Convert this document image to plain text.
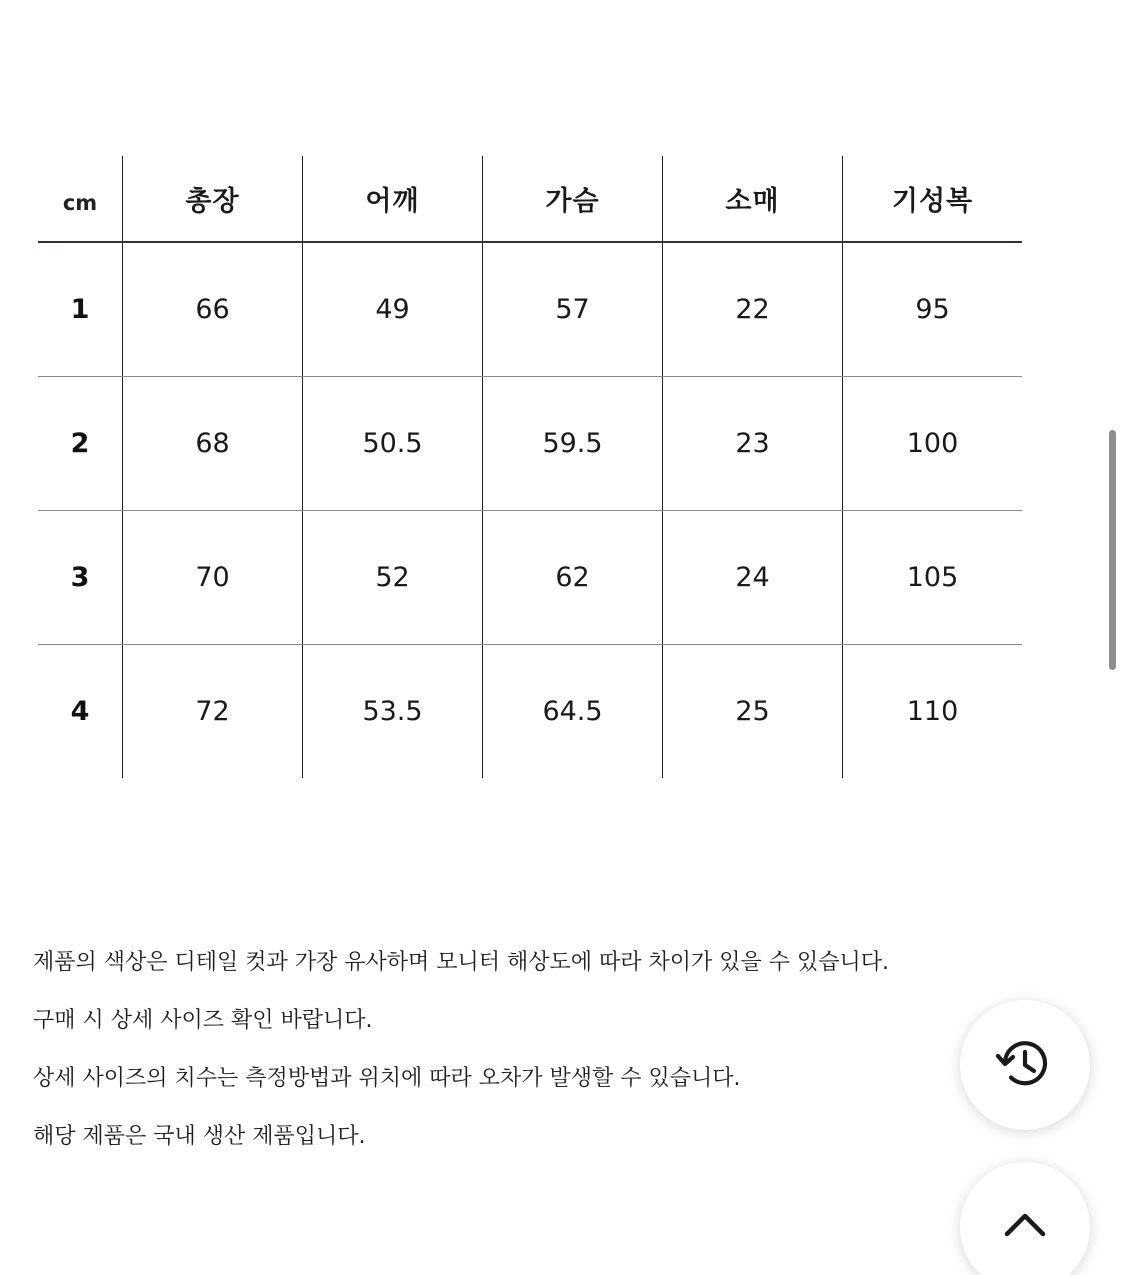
cm	총장	어깨	가슴	소매	기성복
1	66	49	57	22	95
2	68	50.5	59.5	23	100
3	70	52	62	24	105
4	72	53.5	64.5	25	110
제품의 색상은 디테일 컷과 가장 유사하며 모니터 해상도에 따라 차이가 있을 수 있습니다.
구매 시 상세 사이즈 확인 바랍니다.
상세 사이즈의 치수는 측정방법과 위치에 따라 오차가 발생할 수 있습니다.
해당 제품은 국내 생산 제품입니다.
